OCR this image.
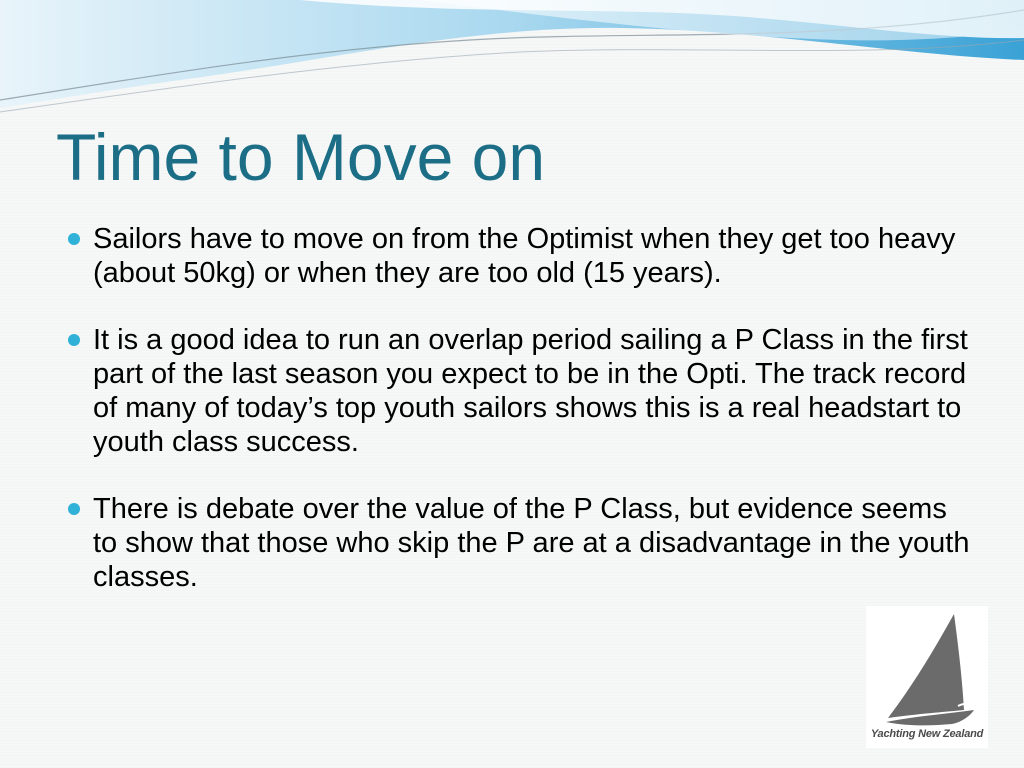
Time to Move on
Sailors have to move on from the Optimist when they get too heavy (about 50kg) or when they are too old (15 years).
It is a good idea to run an overlap period sailing a P Class in the first part of the last season you expect to be in the Opti. The track record of many of today’s top youth sailors shows this is a real headstart to youth class success.
There is debate over the value of the P Class, but evidence seems to show that those who skip the P are at a disadvantage in the youth classes.
Yachting New Zealand
